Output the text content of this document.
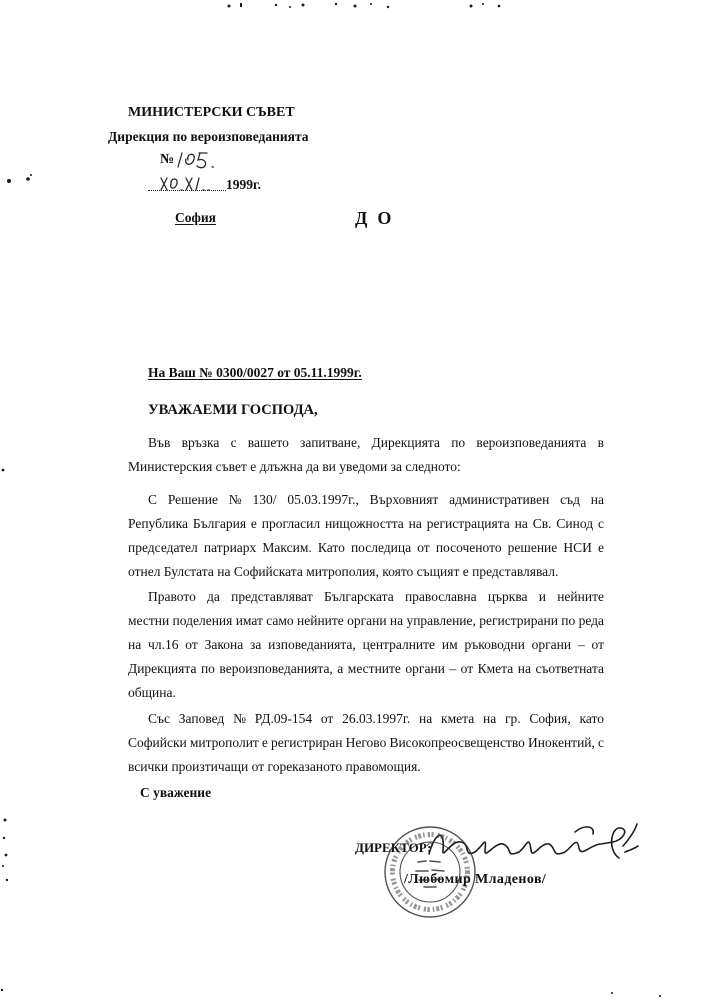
МИНИСТЕРСКИ СЪВЕТ
Дирекция по вероизповеданията
№
1999г.
София	ДО
На Ваш № 0300/0027 от 05.11.1999г.
УВАЖАЕМИ ГОСПОДА,
Във връзка с вашето запитване, Дирекцията по вероизповеданията в
Министерския съвет е длъжна да ви уведоми за следното:
С Решение № 130/ 05.03.1997г., Върховният административен съд на
Република България е прогласил нищожността на регистрацията на Св. Синод с
председател патриарх Максим. Като последица от посоченото решение НСИ е
отнел Булстата на Софийската митрополия, която същият е представлявал.
Правото да представляват Българската православна църква и нейните
местни поделения имат само нейните органи на управление, регистрирани по реда
на чл.16 от Закона за изповеданията, централните им ръководни органи – от
Дирекцията по вероизповеданията, а местните органи – от Кмета на съответната
община.
Със Заповед № РД.09-154 от 26.03.1997г. на кмета на гр. София, като
Софийски митрополит е регистриран Негово Високопреосвещенство Инокентий, с
всички произтичащи от гореказаното правомощия.
С уважение
ДИРЕКТОР:
/Любомир Младенов/
